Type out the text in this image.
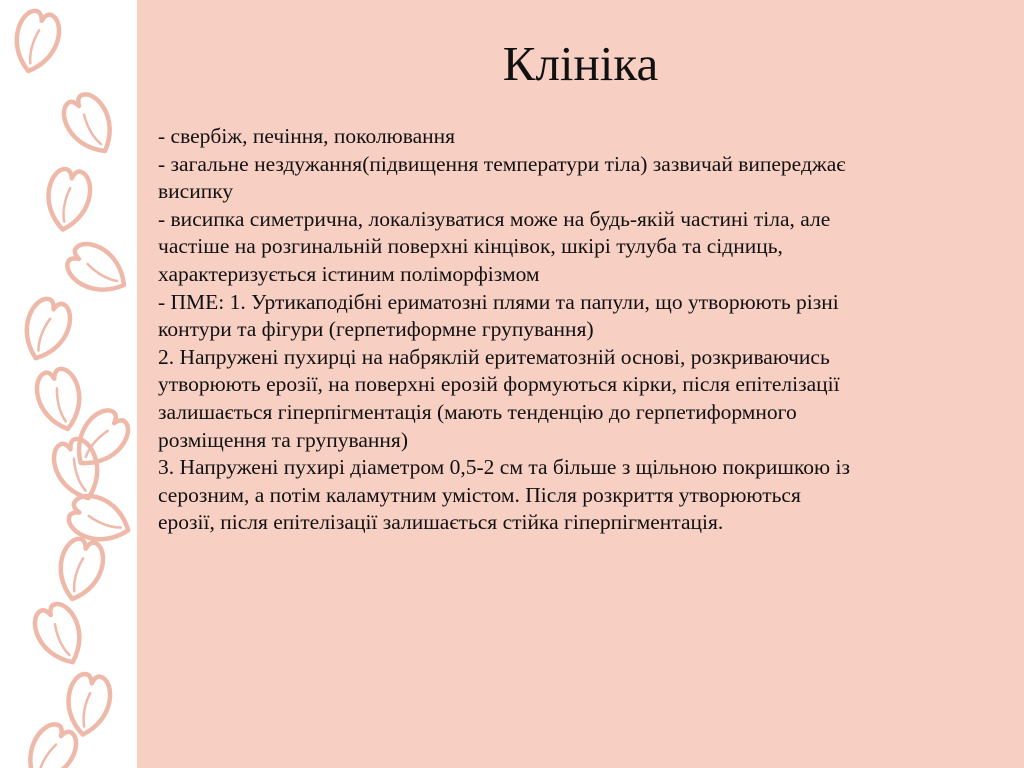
Клініка
- свербіж, печіння, поколювання
- загальне нездужання(підвищення температури тіла) зазвичай випереджає
висипку
- висипка симетрична, локалізуватися може на будь-якій частині тіла, але
частіше на розгинальній поверхні кінцівок, шкірі тулуба та сідниць,
характеризується істиним поліморфізмом
- ПМЕ: 1. Уртикаподібні ериматозні плями та папули, що утворюють різні
контури та фігури (герпетиформне групування)
2. Напружені пухирці на набряклій еритематозній основі, розкриваючись
утворюють ерозії, на поверхні ерозій формуються кірки, після епітелізації
залишається гіперпігментація (мають тенденцію до герпетиформного
розміщення та групування)
3. Напружені пухирі діаметром 0,5-2 см та більше з щільною покришкою із
серозним, а потім каламутним умістом. Після розкриття утворюються
ерозії, після епітелізації залишається стійка гіперпігментація.
